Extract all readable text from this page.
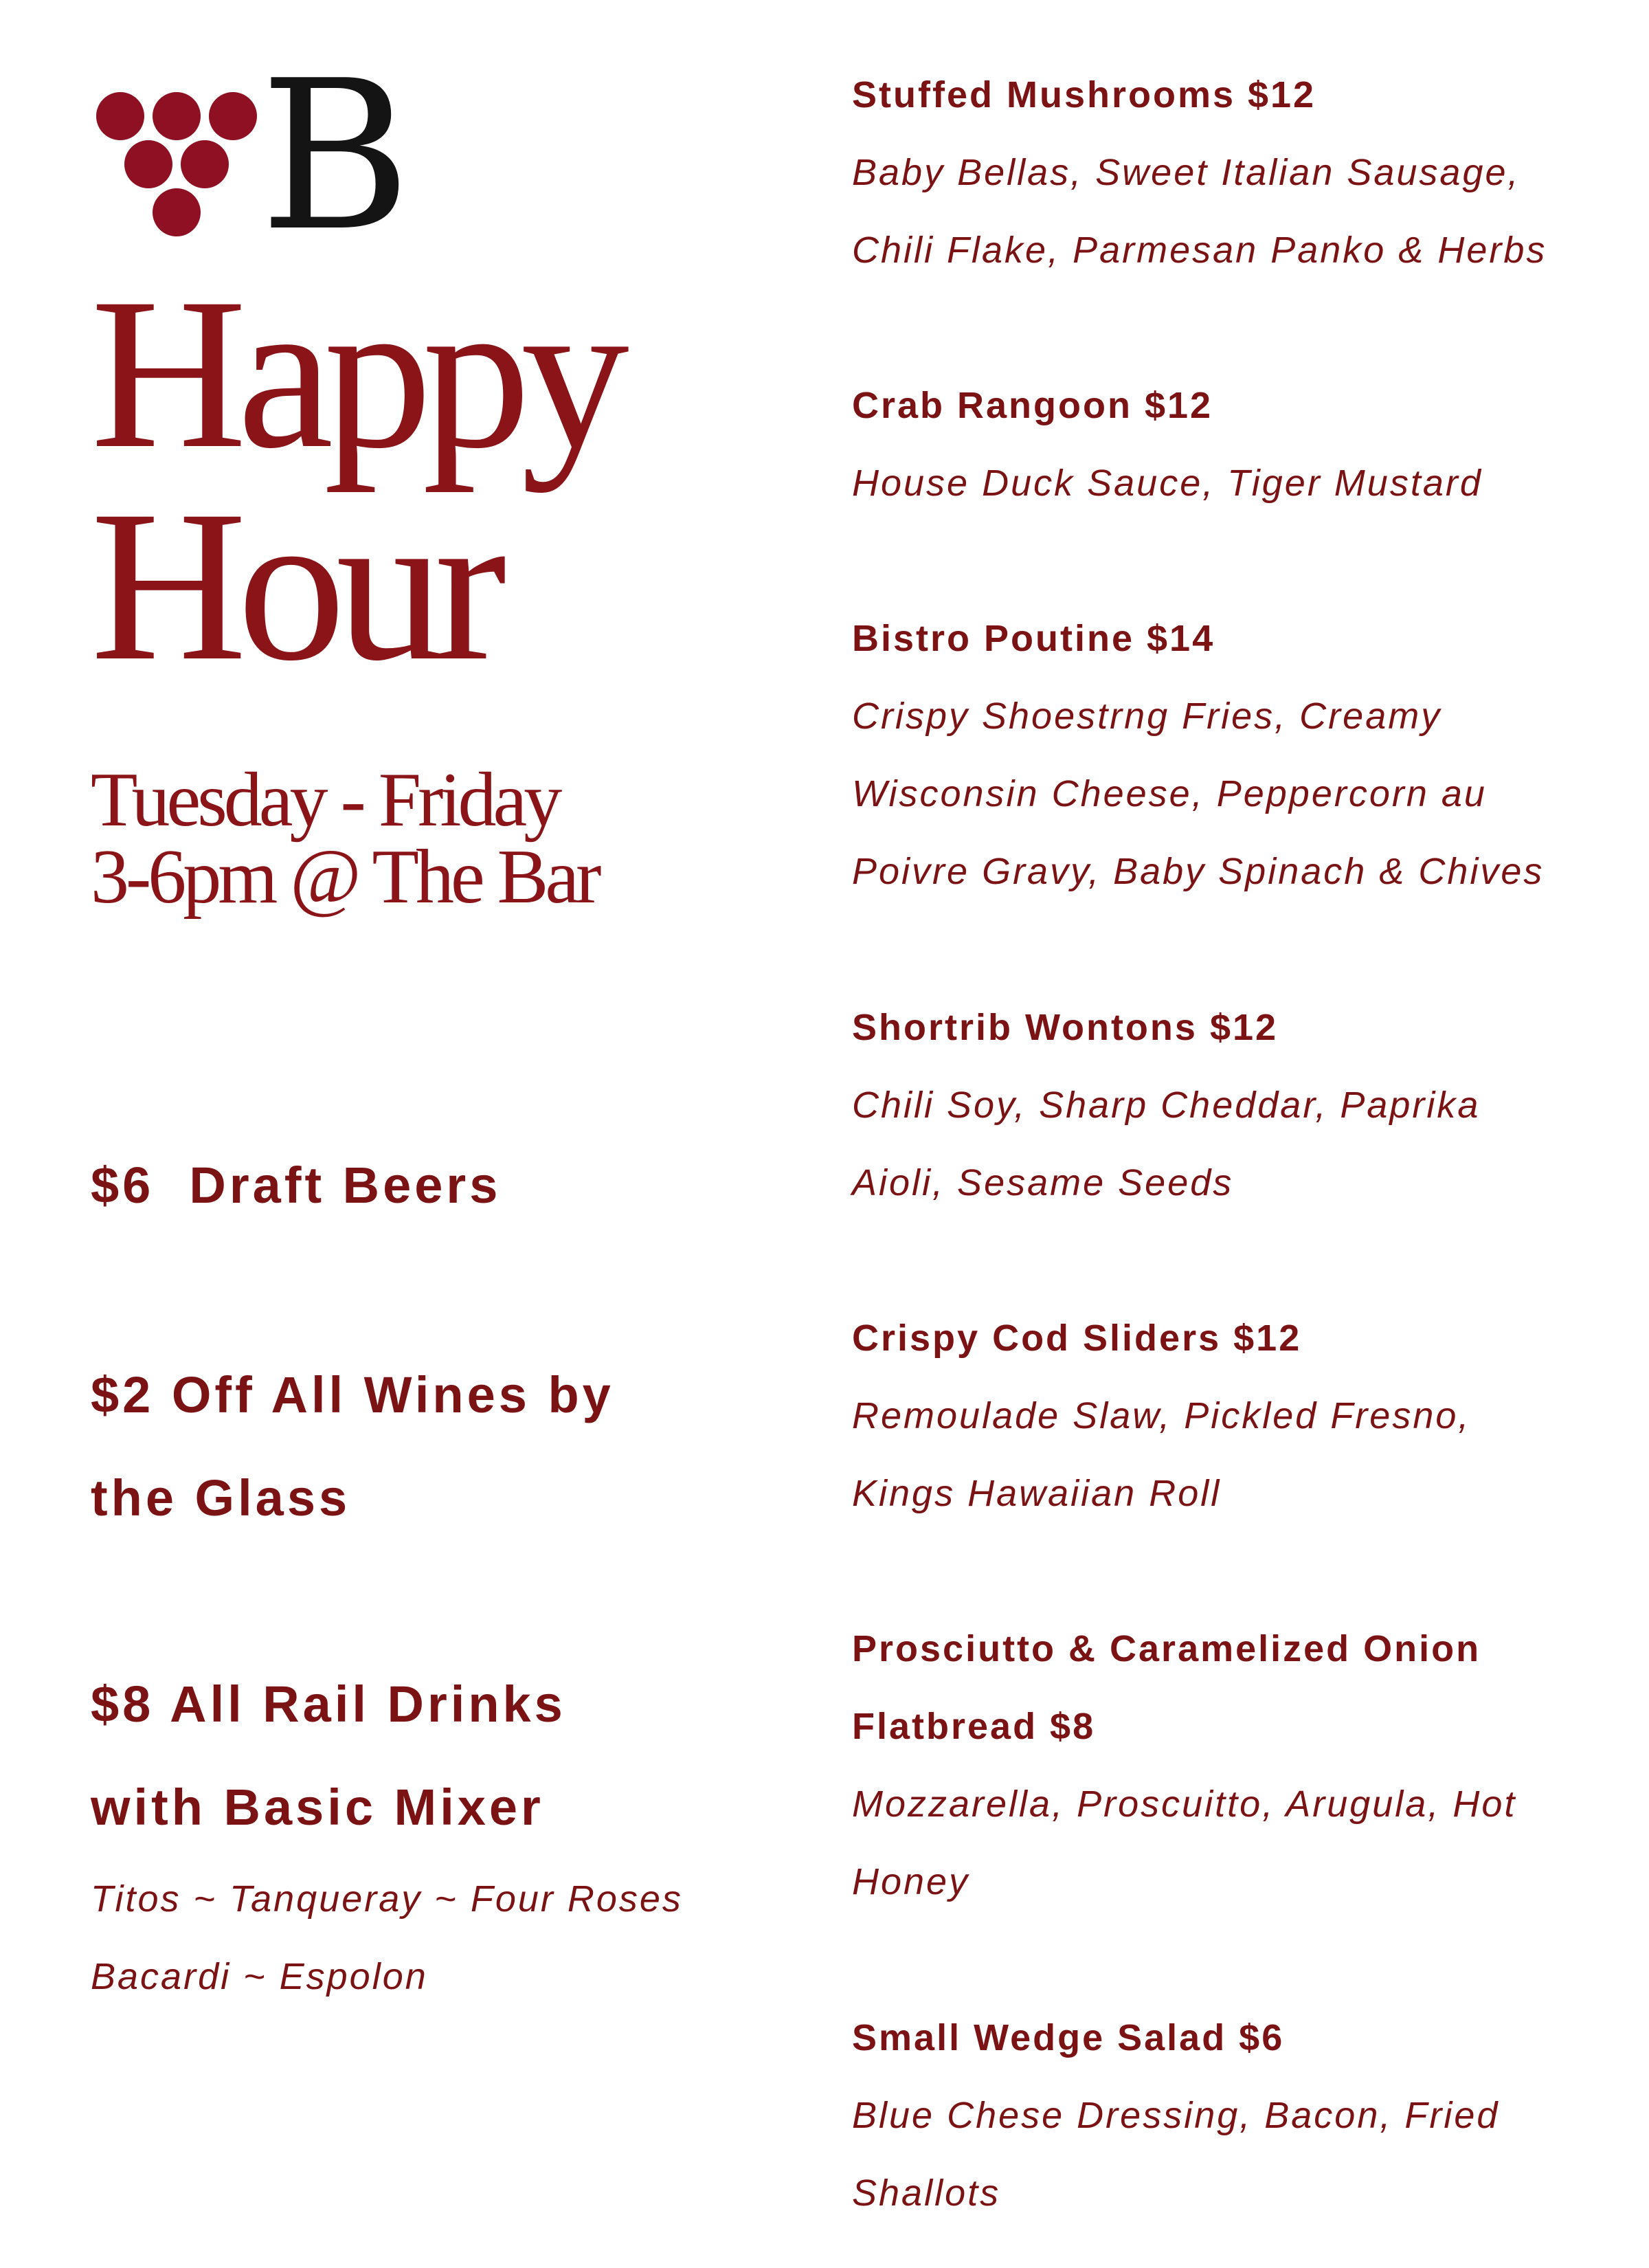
B
Happy
Hour
Tuesday - Friday
3-6pm @ The Bar
$6  Draft Beers
$2 Off All Wines by
the Glass
$8 All Rail Drinks
with Basic Mixer
Titos ~ Tanqueray ~ Four Roses
Bacardi ~ Espolon
Stuffed Mushrooms $12
Baby Bellas, Sweet Italian Sausage,
Chili Flake, Parmesan Panko & Herbs
Crab Rangoon $12
House Duck Sauce, Tiger Mustard
Bistro Poutine $14
Crispy Shoestrng Fries, Creamy
Wisconsin Cheese, Peppercorn au
Poivre Gravy, Baby Spinach & Chives
Shortrib Wontons $12
Chili Soy, Sharp Cheddar, Paprika
Aioli, Sesame Seeds
Crispy Cod Sliders $12
Remoulade Slaw, Pickled Fresno,
Kings Hawaiian Roll
Prosciutto & Caramelized Onion
Flatbread $8
Mozzarella, Proscuitto, Arugula, Hot
Honey
Small Wedge Salad $6
Blue Chese Dressing, Bacon, Fried
Shallots
